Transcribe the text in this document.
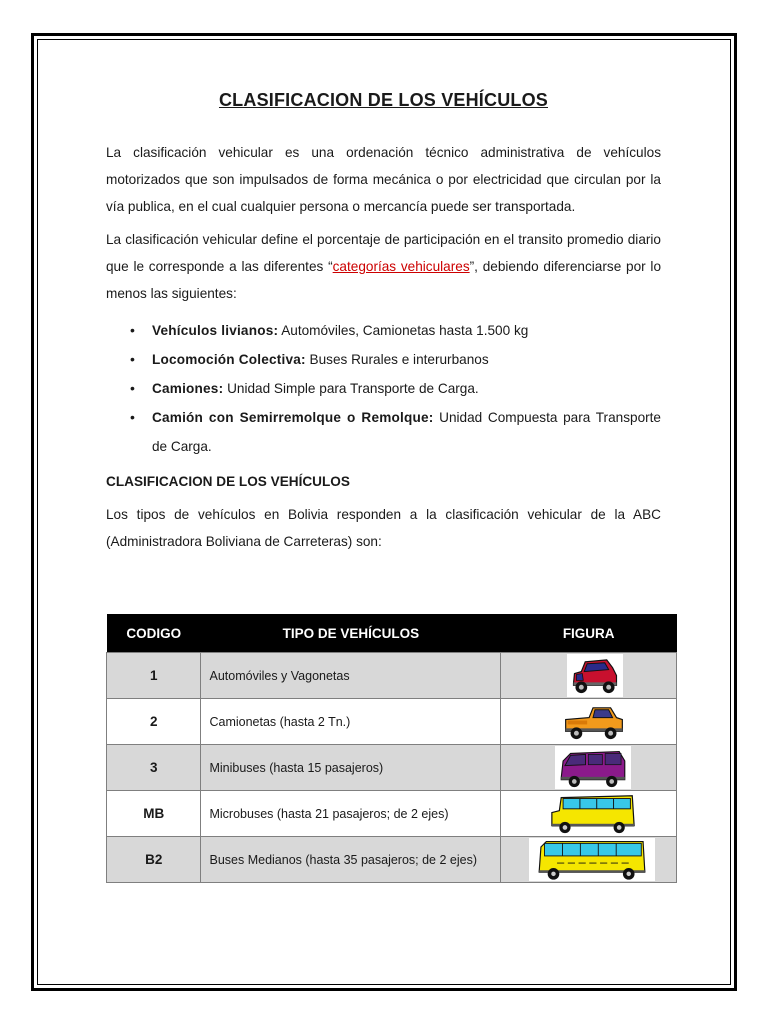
CLASIFICACION DE LOS VEHÍCULOS

La clasificación vehicular es una ordenación técnico administrativa de vehículos motorizados que son impulsados de forma mecánica o por electricidad que circulan por la vía publica, en el cual cualquier persona o mercancía puede ser transportada.

La clasificación vehicular define el porcentaje de participación en el transito promedio diario que le corresponde a las diferentes “categorías vehiculares”, debiendo diferenciarse por lo menos las siguientes:

• Vehículos livianos: Automóviles, Camionetas hasta 1.500 kg
• Locomoción Colectiva: Buses Rurales e interurbanos
• Camiones: Unidad Simple para Transporte de Carga.
• Camión con Semirremolque o Remolque: Unidad Compuesta para Transporte de Carga.
CLASIFICACION DE LOS VEHÍCULOS

Los tipos de vehículos en Bolivia responden a la clasificación vehicular de la ABC (Administradora Boliviana de Carreteras) son:

CODIGO	TIPO DE VEHÍCULOS	FIGURA
1	Automóviles y Vagonetas	

2	Camionetas (hasta 2 Tn.)	

3	Minibuses (hasta 15 pasajeros)	

MB	Microbuses (hasta 21 pasajeros; de 2 ejes)	

B2	Buses Medianos (hasta 35 pasajeros; de 2 ejes)	
